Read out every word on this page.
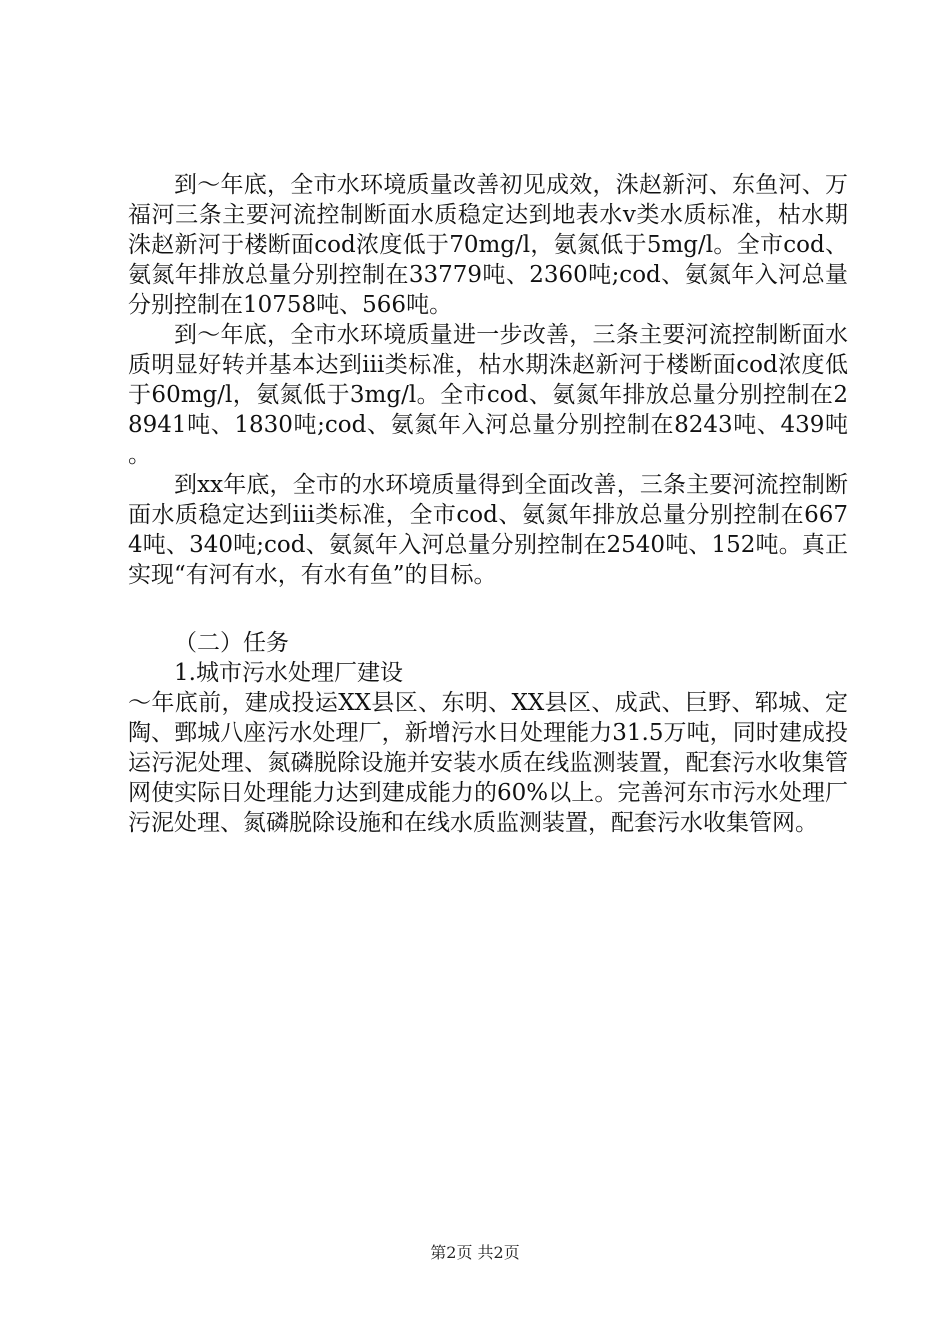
到～年底，全市水环境质量改善初见成效，洙赵新河、东鱼河、万福河三条主要河流控制断面水质稳定达到地表水v类水质标准，枯水期洙赵新河于楼断面cod浓度低于70mg/l，氨氮低于5mg/l。全市cod、氨氮年排放总量分别控制在33779吨、2360吨;cod、氨氮年入河总量分别控制在10758吨、566吨。

到～年底，全市水环境质量进一步改善，三条主要河流控制断面水质明显好转并基本达到iii类标准，枯水期洙赵新河于楼断面cod浓度低于60mg/l，氨氮低于3mg/l。全市cod、氨氮年排放总量分别控制在28941吨、1830吨;cod、氨氮年入河总量分别控制在8243吨、439吨。

到xx年底，全市的水环境质量得到全面改善，三条主要河流控制断面水质稳定达到iii类标准，全市cod、氨氮年排放总量分别控制在6674吨、340吨;cod、氨氮年入河总量分别控制在2540吨、152吨。真正实现“有河有水，有水有鱼”的目标。

（二）任务

1.城市污水处理厂建设

～年底前，建成投运XX县区、东明、XX县区、成武、巨野、郓城、定陶、鄄城八座污水处理厂，新增污水日处理能力31.5万吨，同时建成投运污泥处理、氮磷脱除设施并安装水质在线监测装置，配套污水收集管网使实际日处理能力达到建成能力的60%以上。完善河东市污水处理厂污泥处理、氮磷脱除设施和在线水质监测装置，配套污水收集管网。

第2页 共2页
